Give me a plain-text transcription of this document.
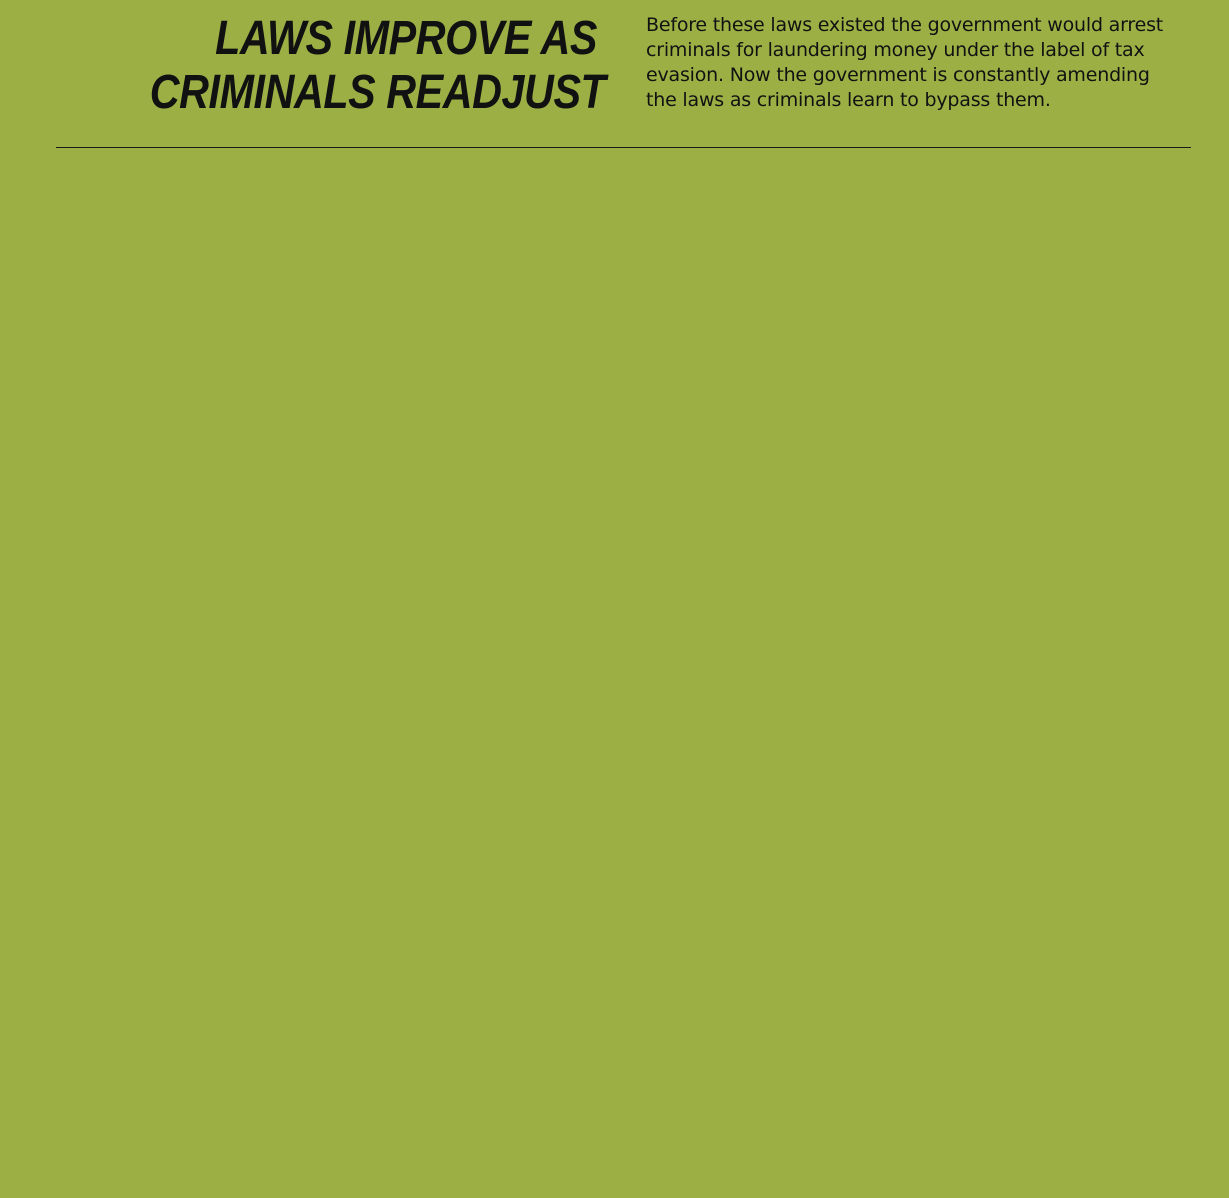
LAWS IMPROVE AS
CRIMINALS READJUST

Before these laws existed the government would arrest criminals for laundering money under the label of tax evasion. Now the government is constantly amending the laws as criminals learn to bypass them.
